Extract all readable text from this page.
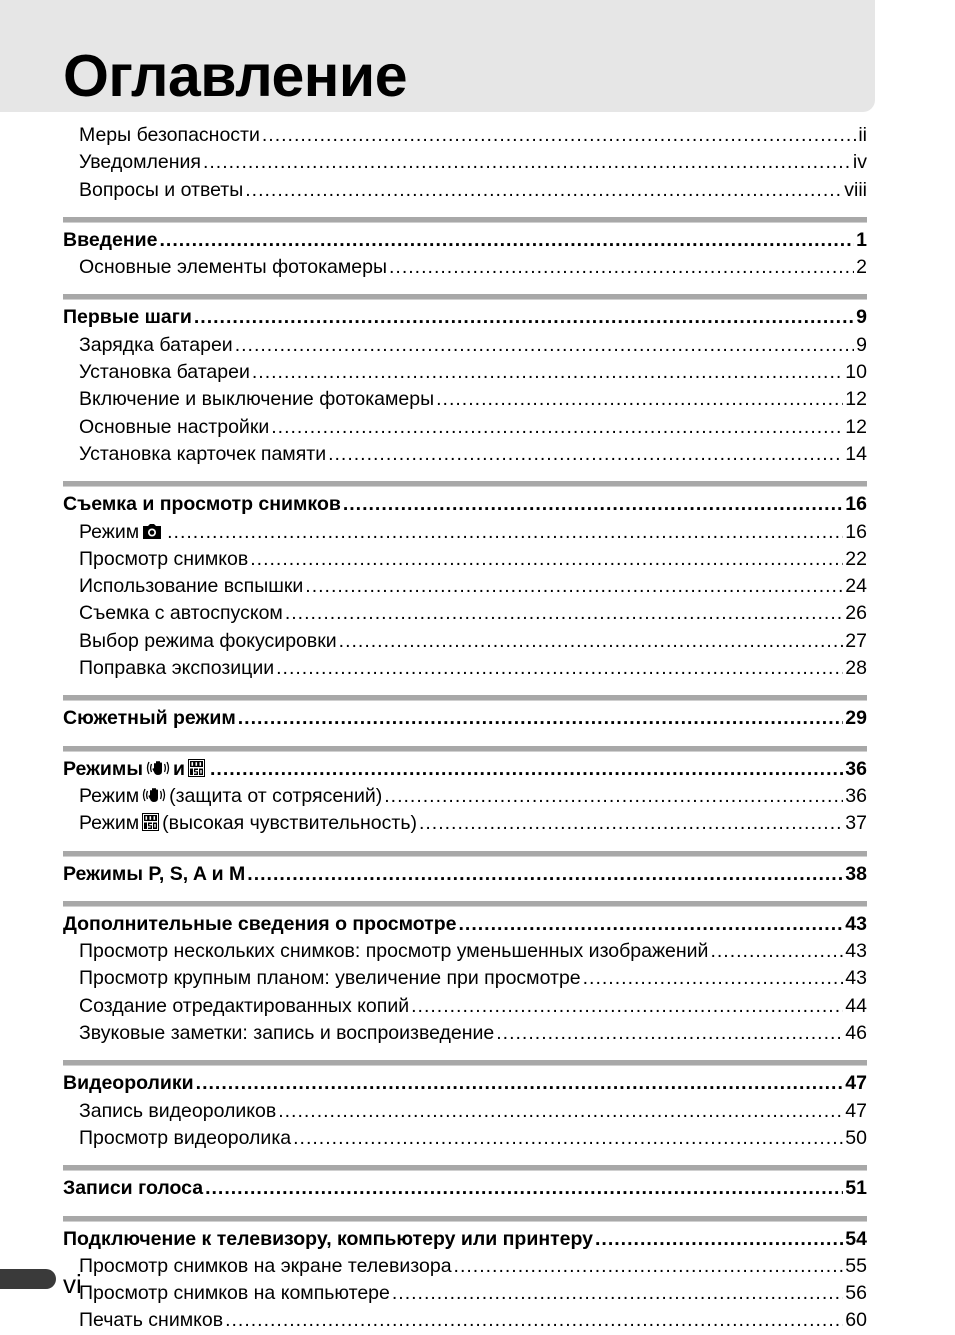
Оглавление
Меры безопасности .....	ii
Уведомления .....	iv
Вопросы и ответы .....	viii
Введение .....	1
Основные элементы фотокамеры .....	2
Первые шаги .....	9
Зарядка батареи .....	9
Установка батареи .....	10
Включение и выключение фотокамеры .....	12
Основные настройки .....	12
Установка карточек памяти .....	14
Съемка и просмотр снимков .....	16
Режим .....	16
Просмотр снимков .....	22
Использование вспышки .....	24
Съемка с автоспуском .....	26
Выбор режима фокусировки .....	27
Поправка экспозиции .....	28
Сюжетный режим .....	29
Режимы и .....	36
Режим (защита от сотрясений) .....	36
Режим (высокая чувствительность) .....	37
Режимы P, S, A и M .....	38
Дополнительные сведения о просмотре .....	43
Просмотр нескольких снимков: просмотр уменьшенных изображений .....	43
Просмотр крупным планом: увеличение при просмотре .....	43
Создание отредактированных копий .....	44
Звуковые заметки: запись и воспроизведение .....	46
Видеоролики .....	47
Запись видеороликов .....	47
Просмотр видеоролика .....	50
Записи голоса .....	51
Подключение к телевизору, компьютеру или принтеру .....	54
Просмотр снимков на экране телевизора .....	55
Просмотр снимков на компьютере .....	56
Печать снимков .....	60
vi
